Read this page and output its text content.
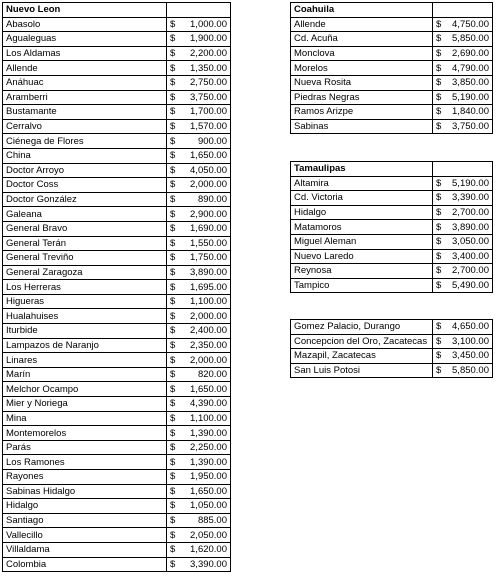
Nuevo Leon	
Abasolo	$ 1,000.00

Agualeguas	$ 1,900.00

Los Aldamas	$ 2,200.00

Allende	$ 1,350.00

Anáhuac	$ 2,750.00

Aramberri	$ 3,750.00

Bustamante	$ 1,700.00

Cerralvo	$ 1,570.00

Ciénega de Flores	$ 900.00

China	$ 1,650.00

Doctor Arroyo	$ 4,050.00

Doctor Coss	$ 2,000.00

Doctor González	$ 890.00

Galeana	$ 2,900.00

General Bravo	$ 1,690.00

General Terán	$ 1,550.00

General Treviño	$ 1,750.00

General Zaragoza	$ 3,890.00

Los Herreras	$ 1,695.00

Higueras	$ 1,100.00

Hualahuises	$ 2,000.00

Iturbide	$ 2,400.00

Lampazos de Naranjo	$ 2,350.00

Linares	$ 2,000.00

Marín	$ 820.00

Melchor Ocampo	$ 1,650.00

Mier y Noriega	$ 4,390.00

Mina	$ 1,100.00

Montemorelos	$ 1,390.00

Parás	$ 2,250.00

Los Ramones	$ 1,390.00

Rayones	$ 1,950.00

Sabinas Hidalgo	$ 1,650.00

Hidalgo	$ 1,050.00

Santiago	$ 885.00

Vallecillo	$ 2,050.00

Villaldama	$ 1,620.00

Colombia	$ 3,390.00
Coahuila	
Allende	$ 4,750.00

Cd. Acuña	$ 5,850.00

Monclova	$ 2,690.00

Morelos	$ 4,790.00

Nueva Rosita	$ 3,850.00

Piedras Negras	$ 5,190.00

Ramos Arizpe	$ 1,840.00

Sabinas	$ 3,750.00
Tamaulipas	
Altamira	$ 5,190.00

Cd. Victoria	$ 3,390.00

Hidalgo	$ 2,700.00

Matamoros	$ 3,890.00

Miguel Aleman	$ 3,050.00

Nuevo Laredo	$ 3,400.00

Reynosa	$ 2,700.00

Tampico	$ 5,490.00
Gomez Palacio, Durango	$ 4,650.00

Concepcion del Oro, Zacatecas	$ 3,100.00

Mazapil, Zacatecas	$ 3,450.00

San Luis Potosi	$ 5,850.00
